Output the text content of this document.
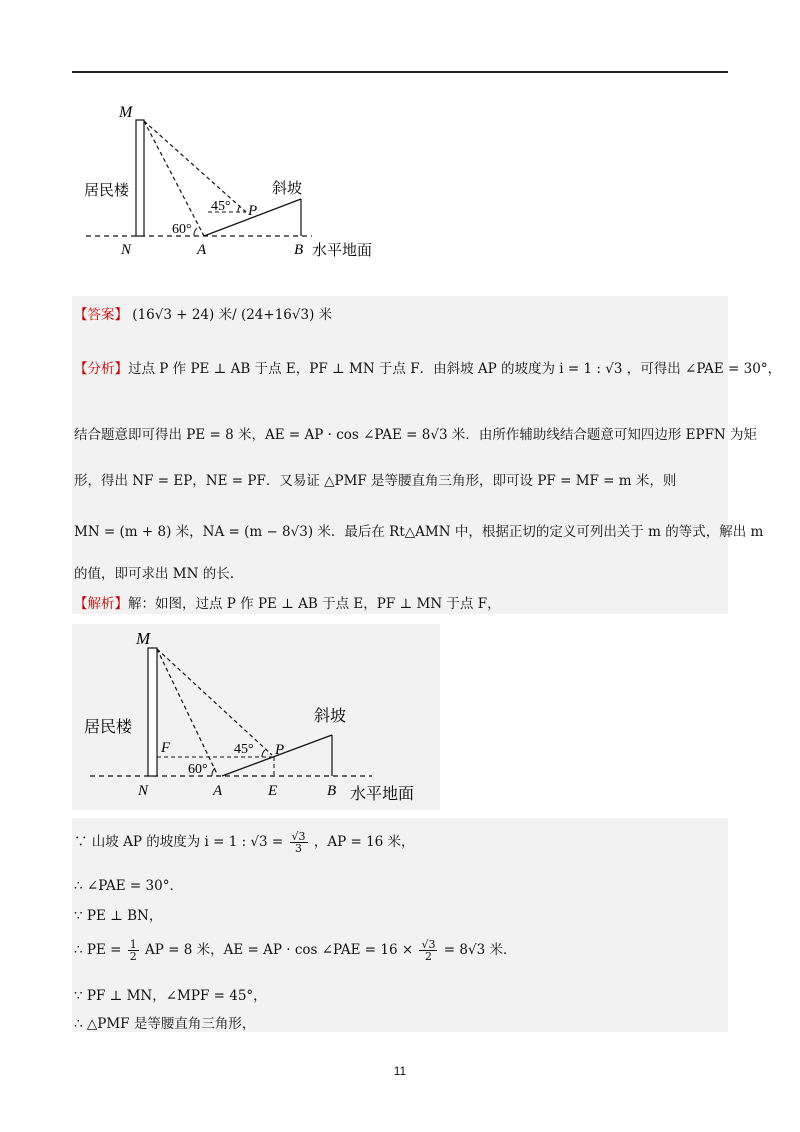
M
N	A	B
P
居民楼	斜坡
水平地面
60°
45°
【答案】 (16√3 + 24) 米/ (24+16√3) 米
【分析】过点 P 作 PE ⊥ AB 于点 E，PF ⊥ MN 于点 F．由斜坡 AP 的坡度为 i = 1 : √3 ，可得出 ∠PAE = 30°，
结合题意即可得出 PE = 8 米，AE = AP · cos ∠PAE = 8√3 米．由所作辅助线结合题意可知四边形 EPFN 为矩
形，得出 NF = EP，NE = PF．又易证 △PMF 是等腰直角三角形，即可设 PF = MF = m 米，则
MN = (m + 8) 米，NA = (m − 8√3) 米．最后在 Rt△AMN 中，根据正切的定义可列出关于 m 的等式，解出 m
的值，即可求出 MN 的长.
【解析】解：如图，过点 P 作 PE ⊥ AB 于点 E，PF ⊥ MN 于点 F，
M
N	A	E	B
F	P
居民楼
斜坡
水平地面
60°
45°
∵ 山坡 AP 的坡度为 i = 1 : $√3 = \frac{√3}{3}$ ，AP = 16 米，
∴ ∠PAE = 30°．
∵ PE ⊥ BN，
∴ PE = $\frac{1}{2}$ AP = 8 米，AE = AP · cos ∠PAE = $16 \times \frac{√3}{2} = 8√3$ 米．
∵ PF ⊥ MN，∠MPF = 45°，
∴ △PMF 是等腰直角三角形，
11
